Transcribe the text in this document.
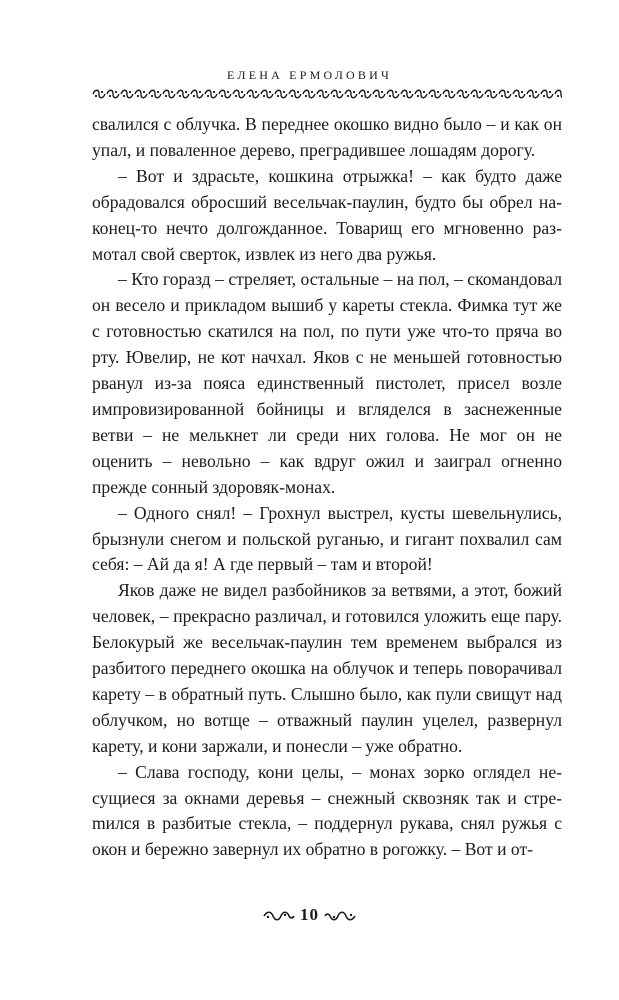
ЕЛЕНА ЕРМОЛОВИЧ

свалился с облучка. В переднее окошко видно было – и как он упал, и поваленное дерево, преградившее лошадям дорогу.

– Вот и здрасьте, кошкина отрыжка! – как будто даже обрадовался обросший весельчак-паулин, будто бы обрел наконец-то нечто долгожданное. Товарищ его мгновенно размотал свой сверток, извлек из него два ружья.

– Кто горазд – стреляет, остальные – на пол, – скомандовал он весело и прикладом вышиб у кареты стекла. Фимка тут же с готовностью скатился на пол, по пути уже что-то пряча во рту. Ювелир, не кот начхал. Яков с не меньшей готовностью рванул из-за пояса единственный пистолет, присел возле импровизированной бойницы и вгляделся в заснеженные ветви – не мелькнет ли среди них голова. Не мог он не оценить – невольно – как вдруг ожил и заиграл огненно прежде сонный здоровяк-монах.

– Одного снял! – Грохнул выстрел, кусты шевельнулись, брызнули снегом и польской руганью, и гигант похвалил сам себя: – Ай да я! А где первый – там и второй!

Яков даже не видел разбойников за ветвями, а этот, божий человек, – прекрасно различал, и готовился уложить еще пару. Белокурый же весельчак-паулин тем временем выбрался из разбитого переднего окошка на облучок и теперь поворачивал карету – в обратный путь. Слышно было, как пули свищут над облучком, но вотще – отважный паулин уцелел, развернул карету, и кони заржали, и понесли – уже обратно.

– Слава господу, кони целы, – монах зорко оглядел несущиеся за окнами деревья – снежный сквозняк так и стреmился в разбитые стекла, – поддернул рукава, снял ружья с окон и бережно завернул их обратно в рогожку. – Вот и от-

10
